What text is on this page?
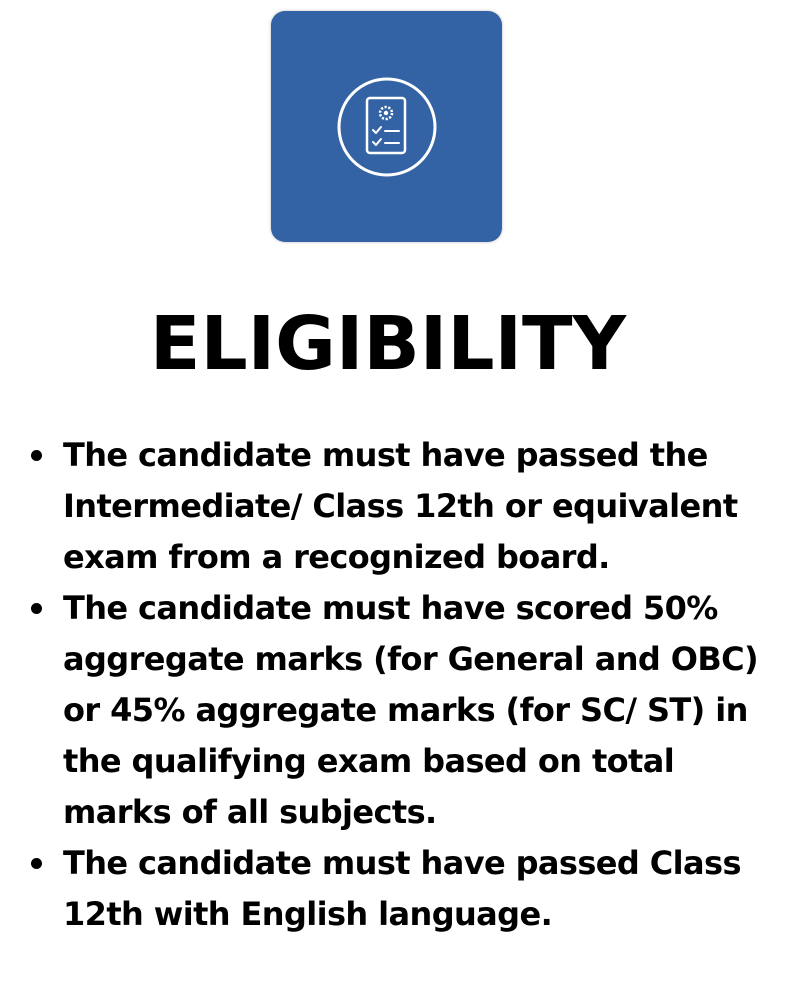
ELIGIBILITY
The candidate must have passed the Intermediate/ Class 12th or equivalent exam from a recognized board.
The candidate must have scored 50% aggregate marks (for General and OBC) or 45% aggregate marks (for SC/ ST) in the qualifying exam based on total marks of all subjects.
The candidate must have passed Class 12th with English language.
